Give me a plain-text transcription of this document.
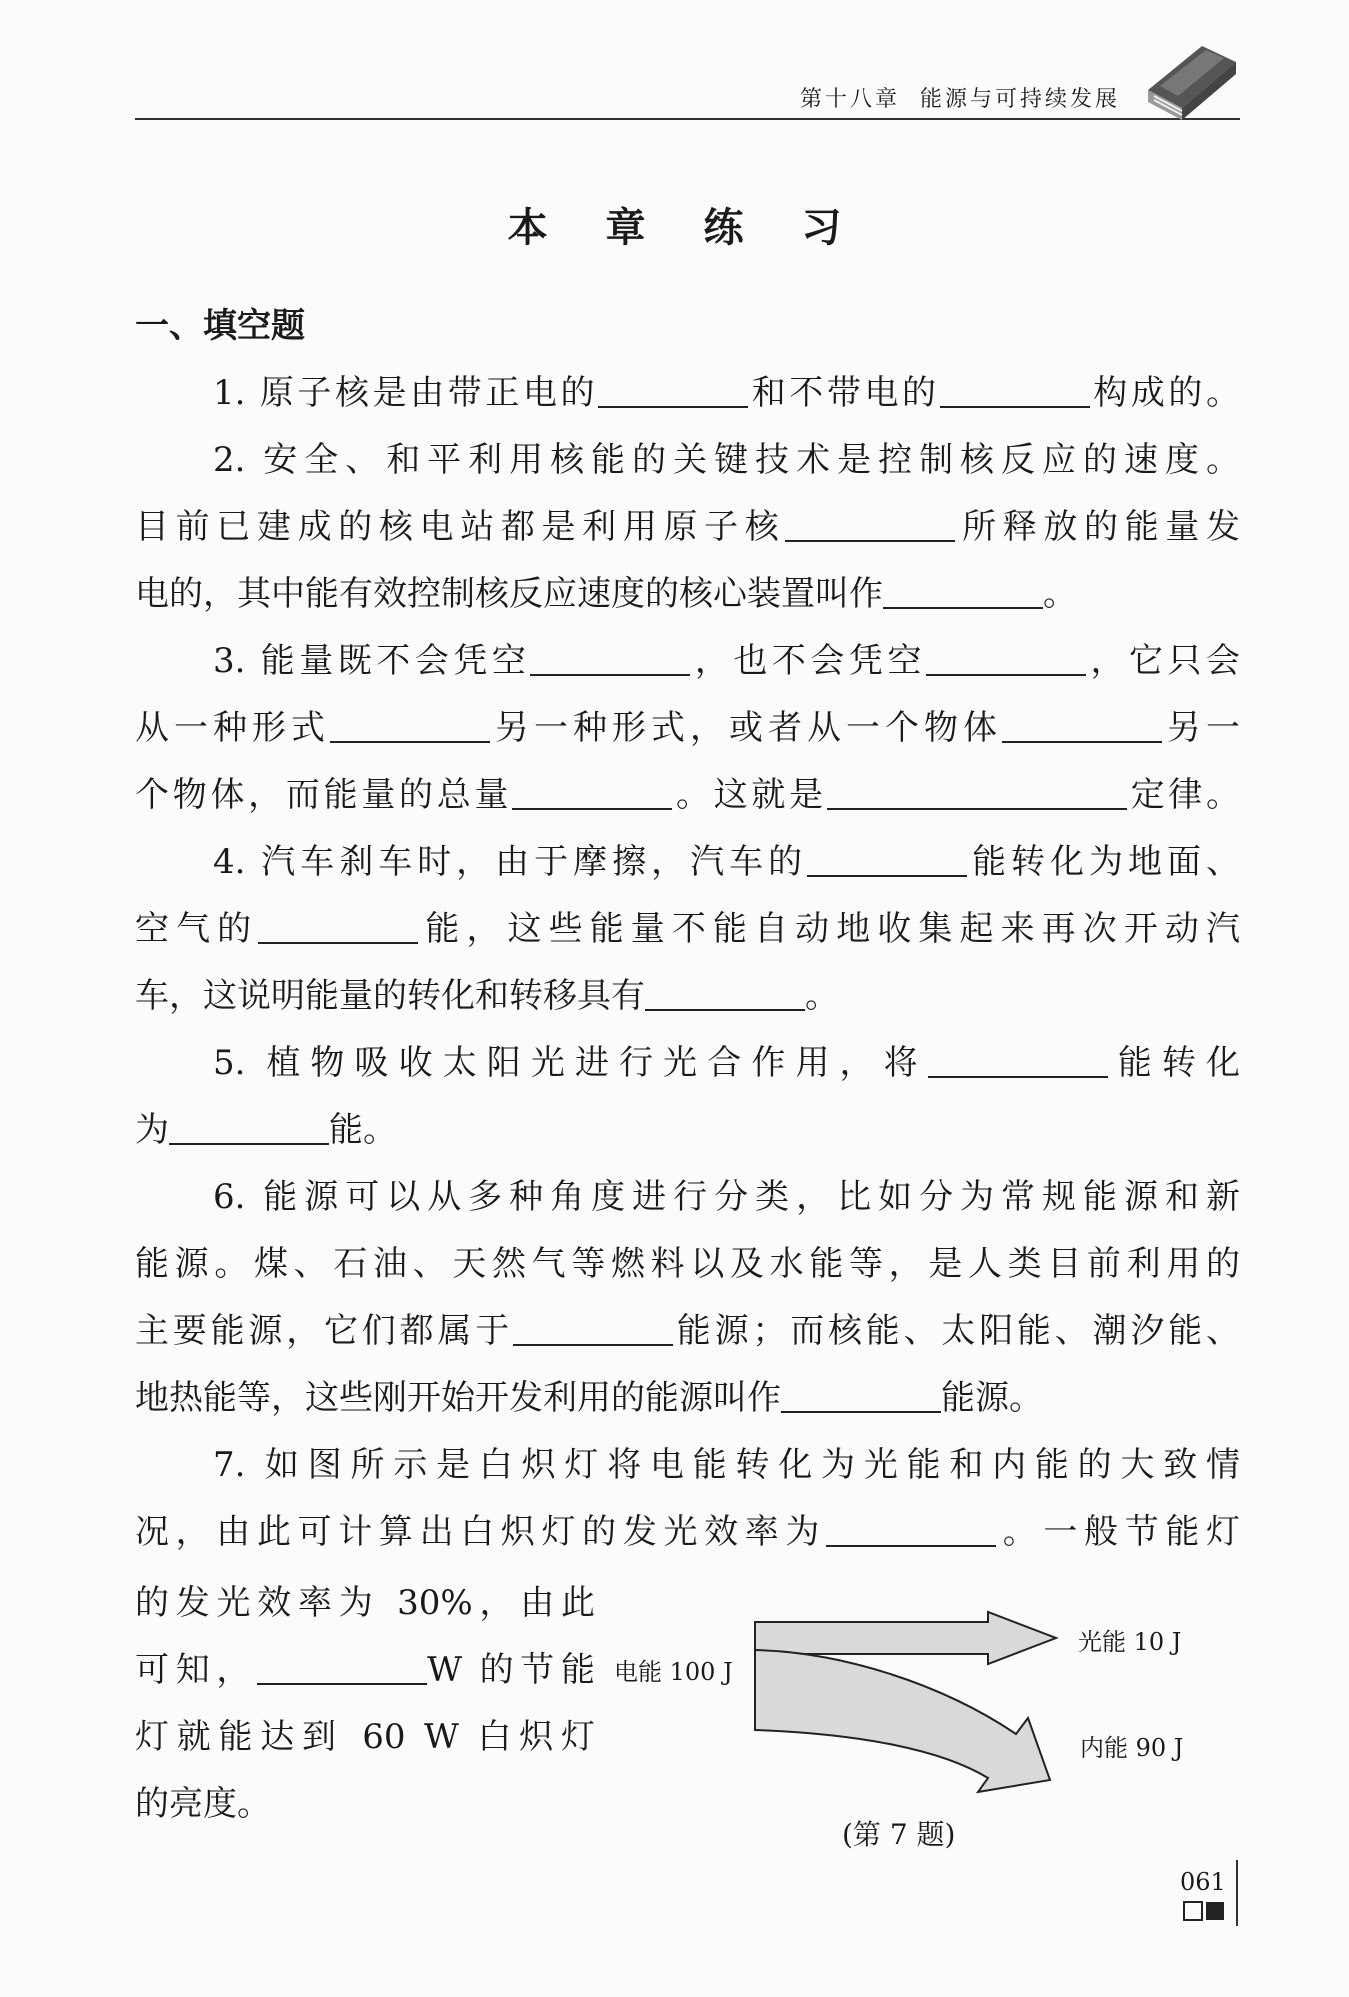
第十八章 能源与可持续发展
本 章 练 习
一、填空题
1. 原子核是由带正电的	和不带电的	构成的。
2. 安全、和平利用核能的关键技术是控制核反应的速度。
目前已建成的核电站都是利用原子核	所释放的能量发
电的，其中能有效控制核反应速度的核心装置叫作	。
3. 能量既不会凭空	，也不会凭空	，它只会
从一种形式	另一种形式，或者从一个物体	另一
个物体，而能量的总量	。这就是	定律。
4. 汽车刹车时，由于摩擦，汽车的	能转化为地面、
空气的	能，这些能量不能自动地收集起来再次开动汽
车，这说明能量的转化和转移具有	。
5. 植物吸收太阳光进行光合作用，将	能转化
为	能。
6. 能源可以从多种角度进行分类，比如分为常规能源和新
能源。煤、石油、天然气等燃料以及水能等，是人类目前利用的
主要能源，它们都属于	能源；而核能、太阳能、潮汐能、
地热能等，这些刚开始开发利用的能源叫作	能源。
7. 如图所示是白炽灯将电能转化为光能和内能的大致情
况，由此可计算出白炽灯的发光效率为	。一般节能灯
的发光效率为 30%，由此
可知，	W 的节能
灯就能达到 60 W 白炽灯
的亮度。
电能 100 J
光能 10 J
内能 90 J
(第 7 题)
061
